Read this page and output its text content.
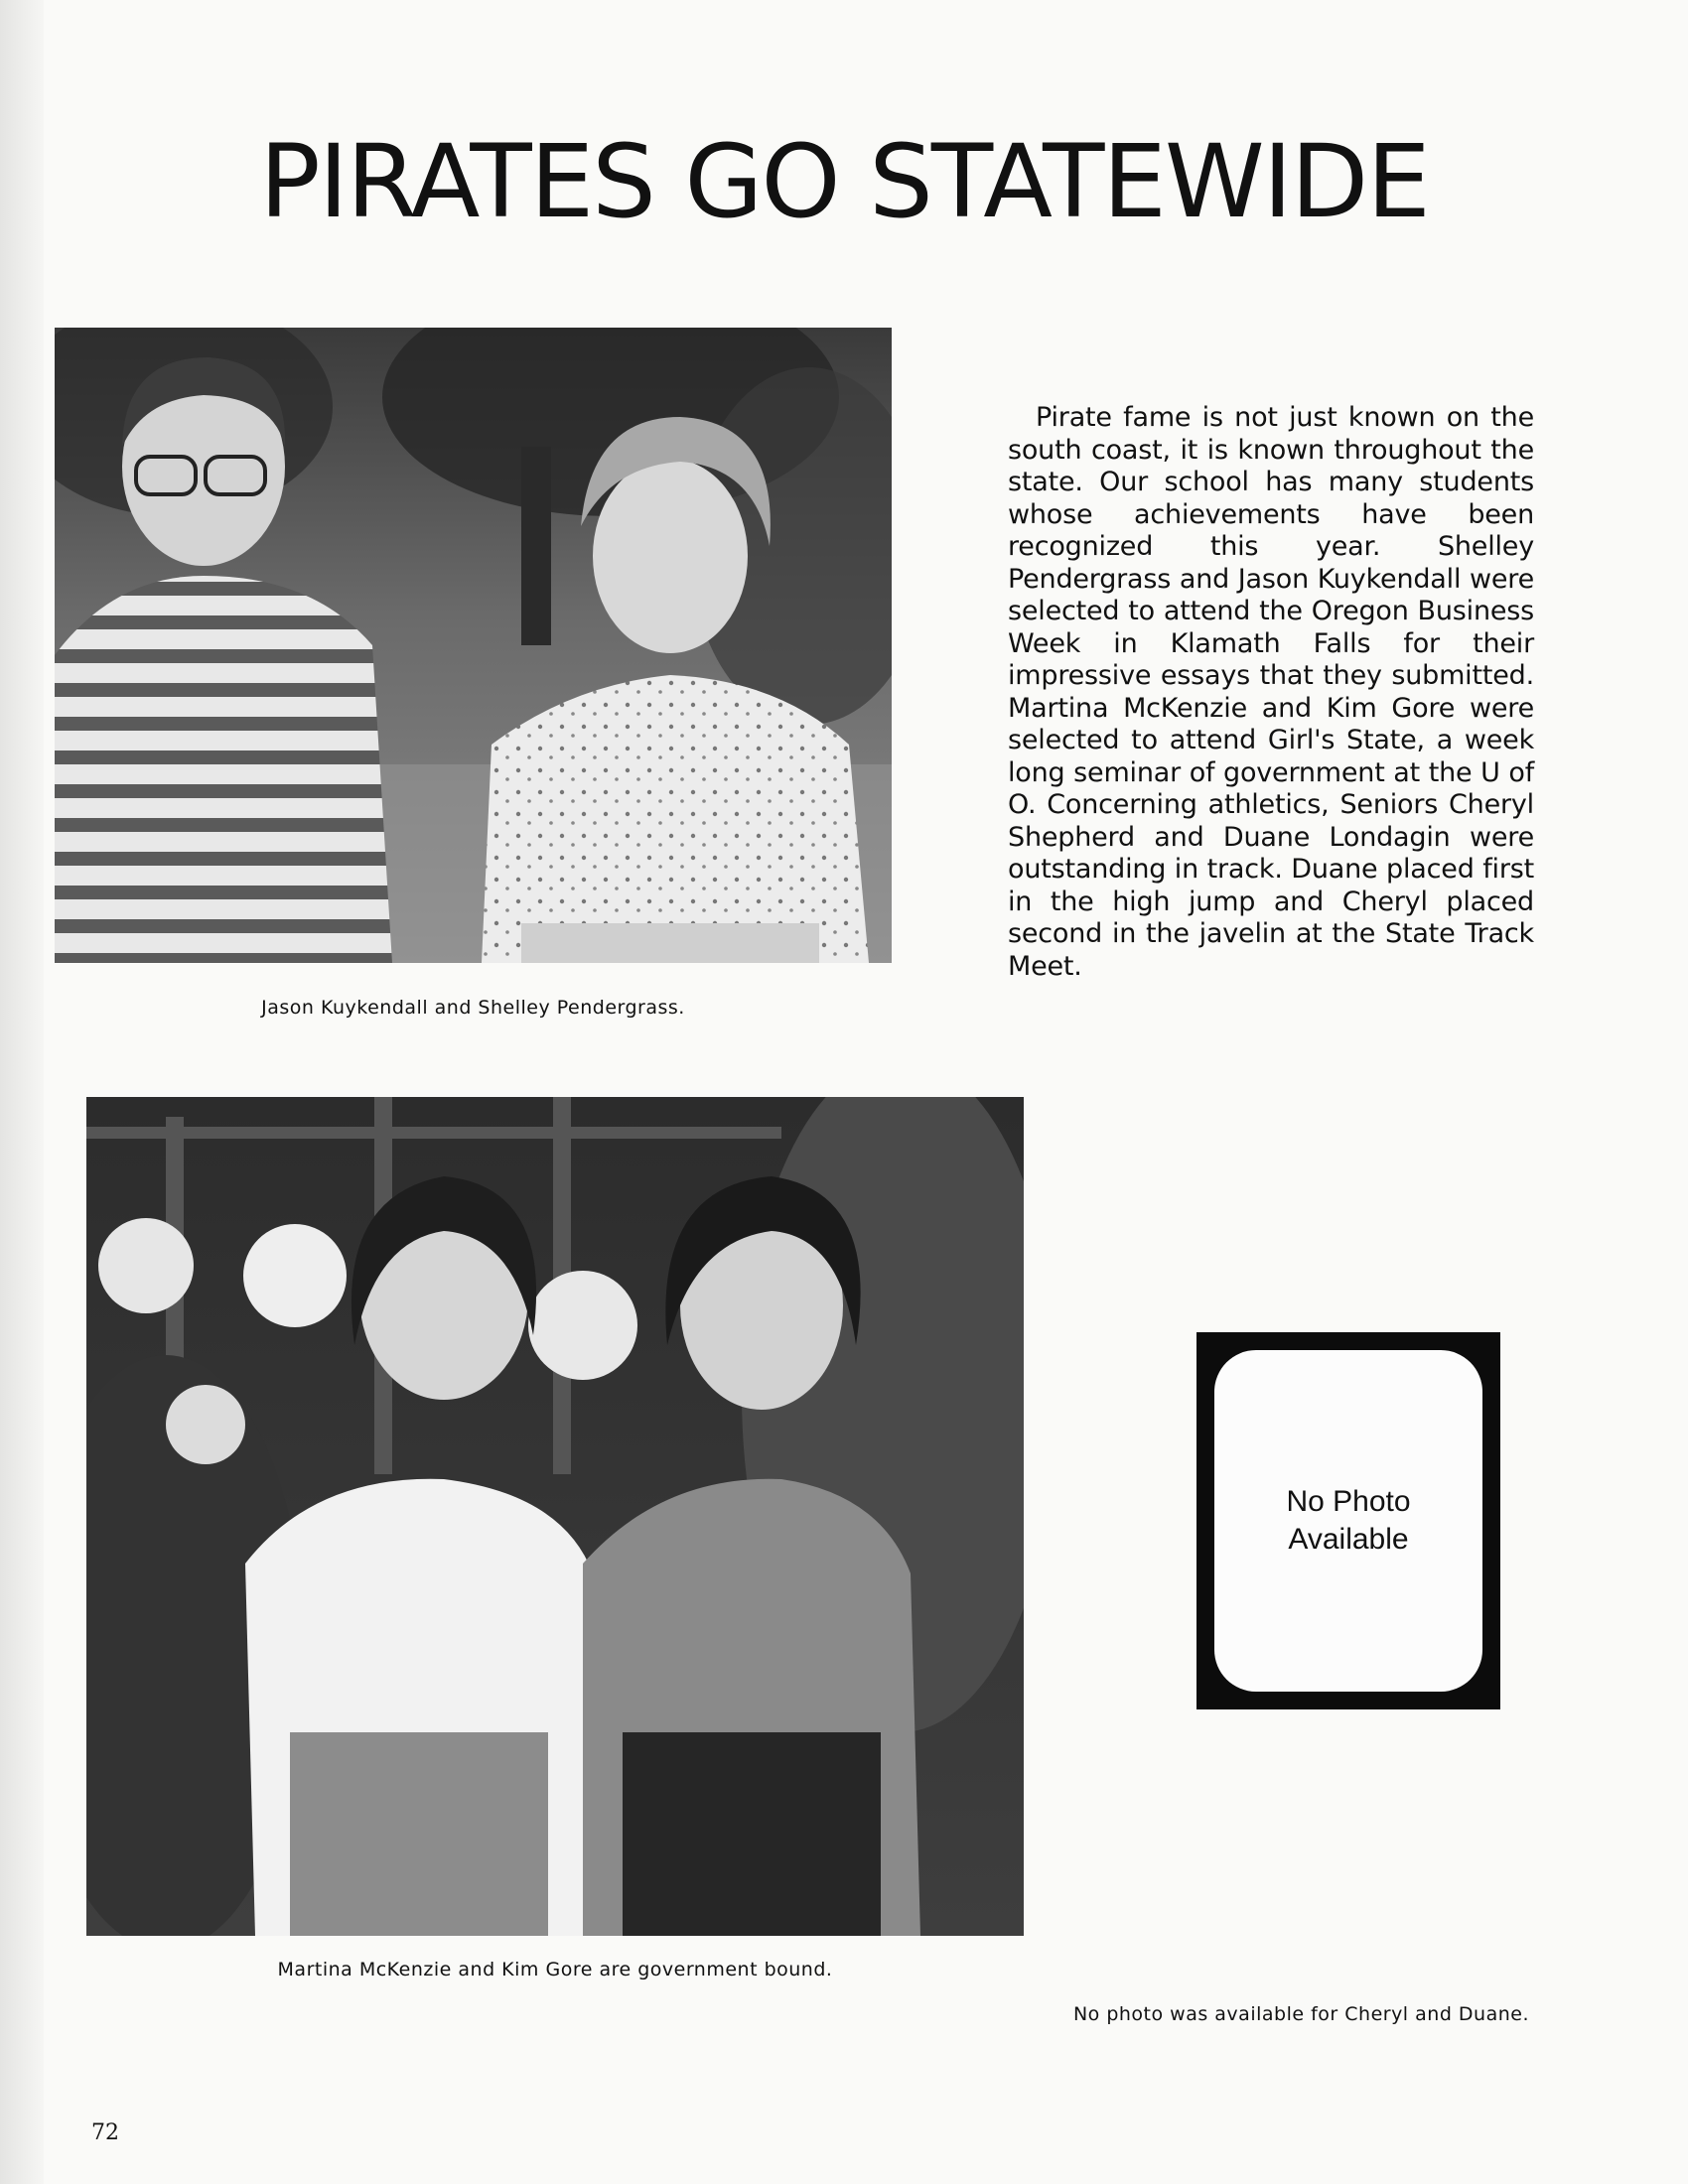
PIRATES GO STATEWIDE
Jason Kuykendall and Shelley Pendergrass.
Pirate fame is not just known on the south coast, it is known throughout the state. Our school has many students whose achievements have been recognized this year. Shelley Pendergrass and Jason Kuykendall were selected to attend the Oregon Business Week in Klamath Falls for their impressive essays that they submitted. Martina McKenzie and Kim Gore were selected to attend Girl's State, a week long seminar of government at the U of O. Concerning athletics, Seniors Cheryl Shepherd and Duane Londagin were outstanding in track. Duane placed first in the high jump and Cheryl placed second in the javelin at the State Track Meet.
Martina McKenzie and Kim Gore are government bound.
No Photo
Available
No photo was available for Cheryl and Duane.
72
